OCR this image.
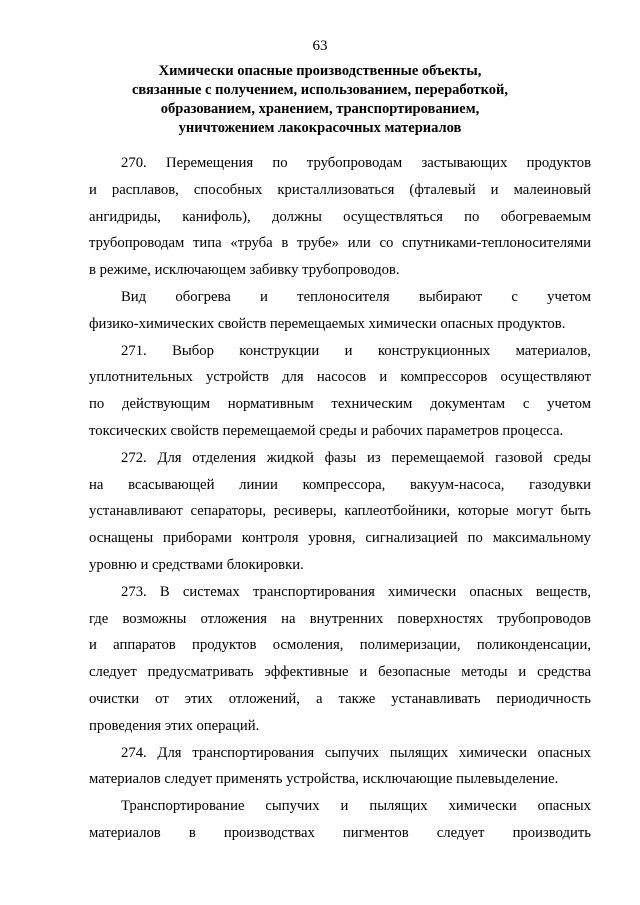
63
Химически опасные производственные объекты,
связанные с получением, использованием, переработкой,
образованием, хранением, транспортированием,
уничтожением лакокрасочных материалов
270. Перемещения по трубопроводам застывающих продуктов
и расплавов, способных кристаллизоваться (фталевый и малеиновый
ангидриды, канифоль), должны осуществляться по обогреваемым
трубопроводам типа «труба в трубе» или со спутниками-теплоносителями
в режиме, исключающем забивку трубопроводов.
Вид обогрева и теплоносителя выбирают с учетом
физико-химических свойств перемещаемых химически опасных продуктов.
271. Выбор конструкции и конструкционных материалов,
уплотнительных устройств для насосов и компрессоров осуществляют
по действующим нормативным техническим документам с учетом
токсических свойств перемещаемой среды и рабочих параметров процесса.
272. Для отделения жидкой фазы из перемещаемой газовой среды
на всасывающей линии компрессора, вакуум-насоса, газодувки
устанавливают сепараторы, ресиверы, каплеотбойники, которые могут быть
оснащены приборами контроля уровня, сигнализацией по максимальному
уровню и средствами блокировки.
273. В системах транспортирования химически опасных веществ,
где возможны отложения на внутренних поверхностях трубопроводов
и аппаратов продуктов осмоления, полимеризации, поликонденсации,
следует предусматривать эффективные и безопасные методы и средства
очистки от этих отложений, а также устанавливать периодичность
проведения этих операций.
274. Для транспортирования сыпучих пылящих химически опасных
материалов следует применять устройства, исключающие пылевыделение.
Транспортирование сыпучих и пылящих химически опасных
материалов в производствах пигментов следует производить
